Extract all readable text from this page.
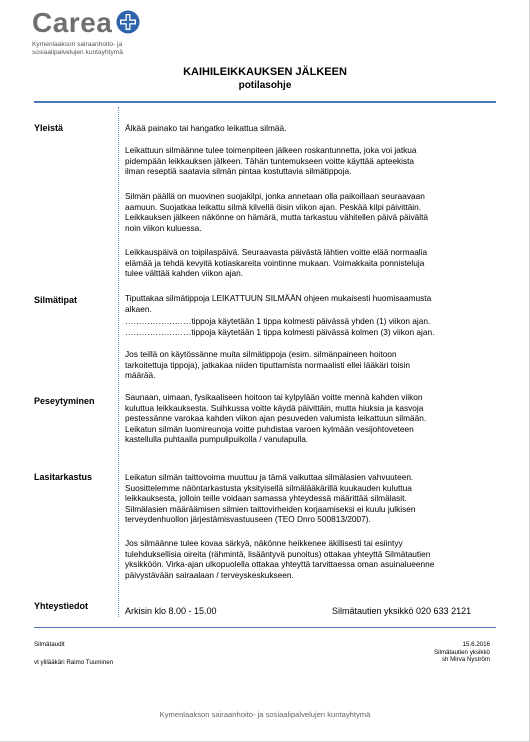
Carea
Kymenlaakson sairaanhoito- ja
sosiaalipalvelujen kuntayhtymä
KAIHILEIKKAUKSEN JÄLKEEN
potilasohje
Yleistä	Älkää painako tai hangatko leikattua silmää.
Leikattuun silmäänne tulee toimenpiteen jälkeen roskantunnetta, joka voi jatkua
pidempään leikkauksen jälkeen. Tähän tuntemukseen voitte käyttää apteekista
ilman reseptiä saatavia silmän pintaa kostuttavia silmätippoja.
Silmän päällä on muovinen suojakilpi, jonka annetaan olla paikoillaan seuraavaan
aamuun. Suojatkaa leikattu silmä kilvellä öisin viikon ajan. Peskää kilpi päivittäin.
Leikkauksen jälkeen näkönne on hämärä, mutta tarkastuu vähitellen päivä päivältä
noin viikon kuluessa.
Leikkauspäivä on toipilaspäivä. Seuraavasta päivästä lähtien voitte elää normaalia
elämää ja tehdä kevyitä kotiaskareita vointinne mukaan. Voimakkaita ponnisteluja
tulee välttää kahden viikon ajan.
Silmätipat	Tiputtakaa silmätippoja LEIKATTUUN SILMÄÄN ohjeen mukaisesti huomisaamusta
alkaen.
……………………tippoja käytetään 1 tippa kolmesti päivässä yhden (1) viikon ajan.
……………………tippoja käytetään 1 tippa kolmesti päivässä kolmen (3) viikon ajan.
Jos teillä on käytössänne muita silmätippoja (esim. silmänpaineen hoitoon
tarkoitettuja tippoja), jatkakaa niiden tiputtamista normaalisti ellei lääkäri toisin
määrää.
Peseytyminen	Saunaan, uimaan, fysikaaliseen hoitoon tai kylpylään voitte mennä kahden viikon
kuluttua leikkauksesta. Suihkussa voitte käydä päivittäin, mutta hiuksia ja kasvoja
pestessänne varokaa kahden viikon ajan pesuveden valumista leikattuun silmään.
Leikatun silmän luomireunoja voitte puhdistaa varoen kylmään vesijohtoveteen
kastellulla puhtaalla pumpulipuikolla / vanulapulla.
Lasitarkastus	Leikatun silmän taittovoima muuttuu ja tämä vaikuttaa silmälasien vahvuuteen.
Suosittelemme näöntarkastusta yksityisellä silmälääkärillä kuukauden kuluttua
leikkauksesta, jolloin teille voidaan samassa yhteydessä määrittää silmälasit.
Silmälasien määräämisen silmien taittovirheiden korjaamiseksi ei kuulu julkisen
terveydenhuollon järjestämisvastuuseen (TEO Dnro 500813/2007).
Jos silmäänne tulee kovaa särkyä, näkönne heikkenee äkillisesti tai esiintyy
tulehduksellisia oireita (rähmintä, lisääntyvä punoitus) ottakaa yhteyttä Silmätautien
yksikköön. Virka-ajan ulkopuolella ottakaa yhteyttä tarvittaessa oman asuinalueenne
päivystävään sairaalaan / terveyskeskukseen.
Yhteystiedot	Arkisin klo 8.00 - 15.00	Silmätautien yksikkö 020 633 2121
Silmätaudit
vt ylilääkäri Raimo Tuuminen
15.6.2016
Silmätautien yksikkö
sh Mirva Nyström
Kymenlaakson sairaanhoito- ja sosiaalipalvelujen kuntayhtymä
